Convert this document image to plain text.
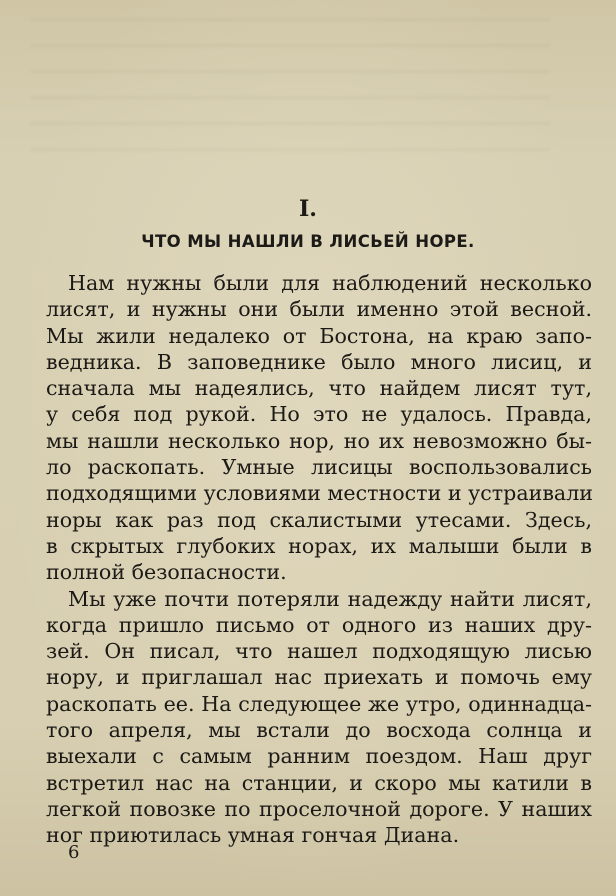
I.
ЧТО МЫ НАШЛИ В ЛИСЬЕЙ НОРЕ.
Нам нужны были для наблюдений несколько
лисят, и нужны они были именно этой весной.
Мы жили недалеко от Бостона, на краю запо-
ведника. В заповеднике было много лисиц, и
сначала мы надеялись, что найдем лисят тут,
у себя под рукой. Но это не удалось. Правда,
мы нашли несколько нор, но их невозможно бы-
ло раскопать. Умные лисицы воспользовались
подходящими условиями местности и устраивали
норы как раз под скалистыми утесами. Здесь,
в скрытых глубоких норах, их малыши были в
полной безопасности.
Мы уже почти потеряли надежду найти лисят,
когда пришло письмо от одного из наших дру-
зей. Он писал, что нашел подходящую лисью
нору, и приглашал нас приехать и помочь ему
раскопать ее. На следующее же утро, одиннадца-
того апреля, мы встали до восхода солнца и
выехали с самым ранним поездом. Наш друг
встретил нас на станции, и скоро мы катили в
легкой повозке по проселочной дороге. У наших
ног приютилась умная гончая Диана.
6
